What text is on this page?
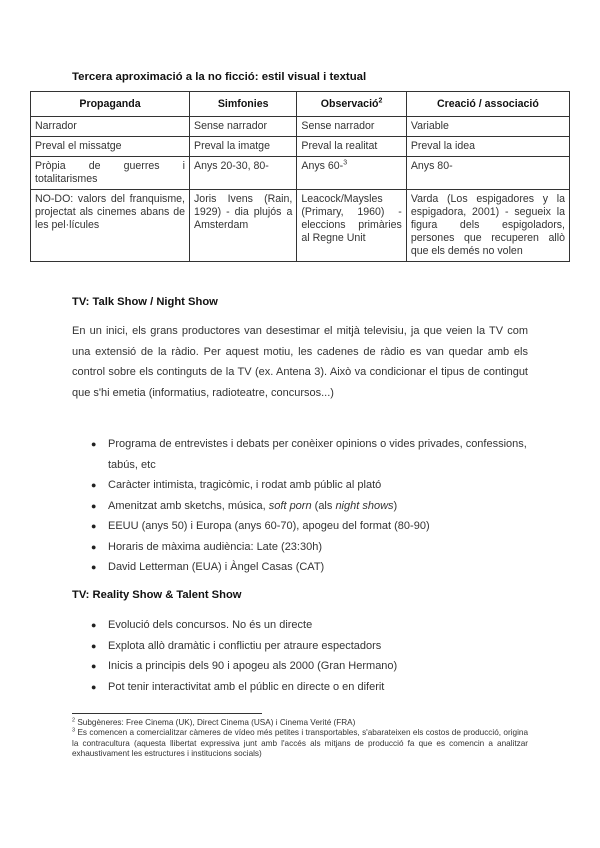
Tercera aproximació a la no ficció: estil visual i textual
Propaganda	Simfonies	Observació$^2$	Creació / associació
Narrador	Sense narrador	Sense narrador	Variable
Preval el missatge	Preval la imatge	Preval la realitat	Preval la idea
Pròpia de guerres i totalitarismes	Anys 20-30, 80-	Anys 60-$^3$	Anys 80-
NO-DO: valors del franquisme, projectat als cinemes abans de les pel·lícules	Joris Ivens (Rain, 1929) - dia plujós a Amsterdam	Leacock/Maysles (Primary, 1960) - eleccions primàries al Regne Unit	Varda (Los espigadores y la espigadora, 2001) - segueix la figura dels espigoladors, persones que recuperen allò que els demés no volen
TV: Talk Show / Night Show
En un inici, els grans productores van desestimar el mitjà televisiu, ja que veien la TV com una extensió de la ràdio. Per aquest motiu, les cadenes de ràdio es van quedar amb els control sobre els continguts de la TV (ex. Antena 3). Això va condicionar el tipus de contingut que s'hi emetia (informatius, radioteatre, concursos...)
● Programa de entrevistes i debats per conèixer opinions o vides privades, confessions, tabús, etc
● Caràcter intimista, tragicòmic, i rodat amb públic al plató
● Amenitzat amb sketchs, música, soft porn (als night shows)
● EEUU (anys 50) i Europa (anys 60-70), apogeu del format (80-90)
● Horaris de màxima audiència: Late (23:30h)
● David Letterman (EUA) i Àngel Casas (CAT)
TV: Reality Show & Talent Show
● Evolució dels concursos. No és un directe
● Explota allò dramàtic i conflictiu per atraure espectadors
● Inicis a principis dels 90 i apogeu als 2000 (Gran Hermano)
● Pot tenir interactivitat amb el públic en directe o en diferit

$^2$ Subgèneres: Free Cinema (UK), Direct Cinema (USA) i Cinema Verité (FRA)

$^3$ Es comencen a comercialitzar càmeres de vídeo més petites i transportables, s'abarateixen els costos de producció, origina la contracultura (aquesta llibertat expressiva junt amb l'accés als mitjans de producció fa que es comencin a analitzar exhaustivament les estructures i institucions socials)
